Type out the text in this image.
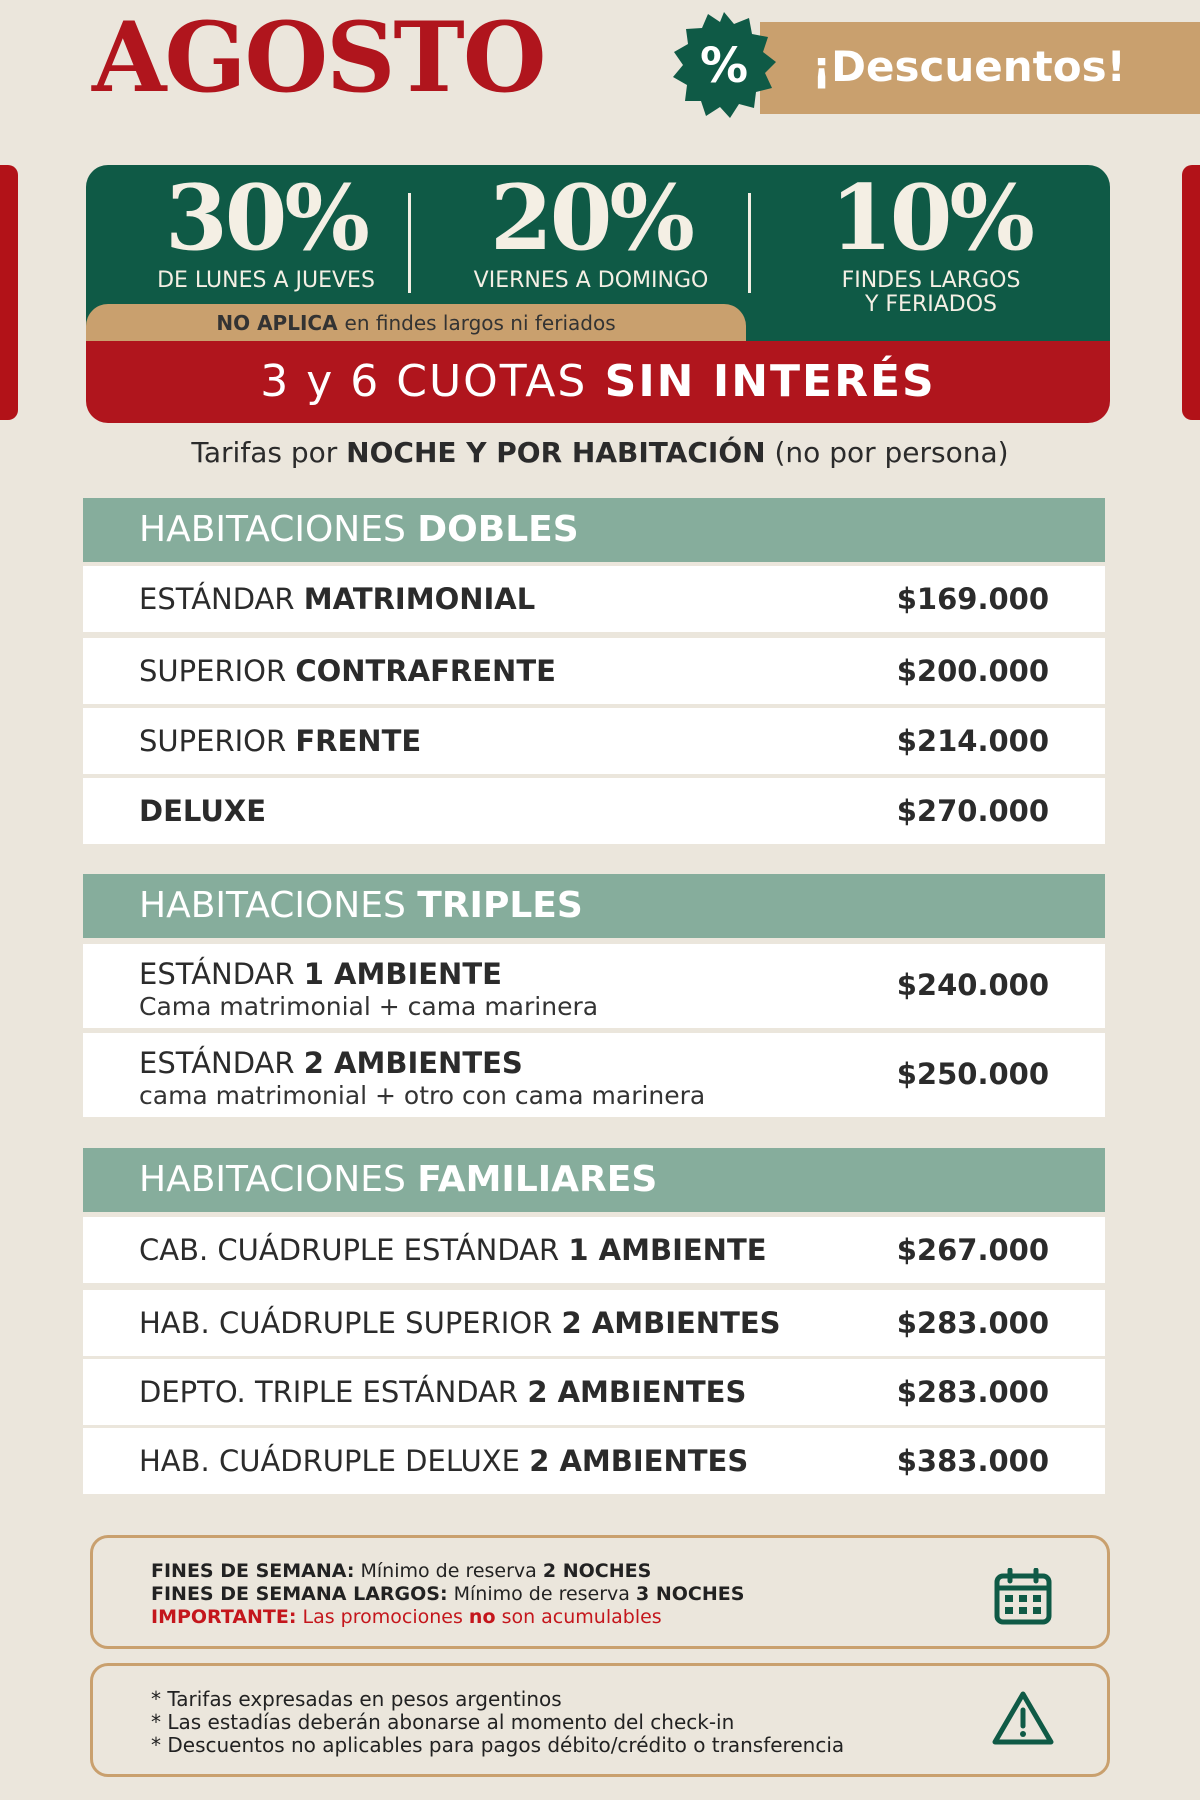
AGOSTO	¡Descuentos!
%
30%
DE LUNES A JUEVES
20%
VIERNES A DOMINGO
10%
FINDES LARGOS
Y FERIADOS
NO APLICA en findes largos ni feriados
3 y 6 CUOTAS SIN INTERÉS
Tarifas por NOCHE Y POR HABITACIÓN (no por persona)
HABITACIONES DOBLES
ESTÁNDAR MATRIMONIAL	$169.000
SUPERIOR CONTRAFRENTE	$200.000
SUPERIOR FRENTE	$214.000
DELUXE	$270.000
HABITACIONES TRIPLES
ESTÁNDAR 1 AMBIENTE
Cama matrimonial + cama marinera
$240.000
ESTÁNDAR 2 AMBIENTES
cama matrimonial + otro con cama marinera
$250.000
HABITACIONES FAMILIARES
CAB. CUÁDRUPLE ESTÁNDAR 1 AMBIENTE	$267.000
HAB. CUÁDRUPLE SUPERIOR 2 AMBIENTES	$283.000
DEPTO. TRIPLE ESTÁNDAR 2 AMBIENTES	$283.000
HAB. CUÁDRUPLE DELUXE 2 AMBIENTES	$383.000
FINES DE SEMANA: Mínimo de reserva 2 NOCHES
FINES DE SEMANA LARGOS: Mínimo de reserva 3 NOCHES
IMPORTANTE: Las promociones no son acumulables
* Tarifas expresadas en pesos argentinos
* Las estadías deberán abonarse al momento del check-in
* Descuentos no aplicables para pagos débito/crédito o transferencia
